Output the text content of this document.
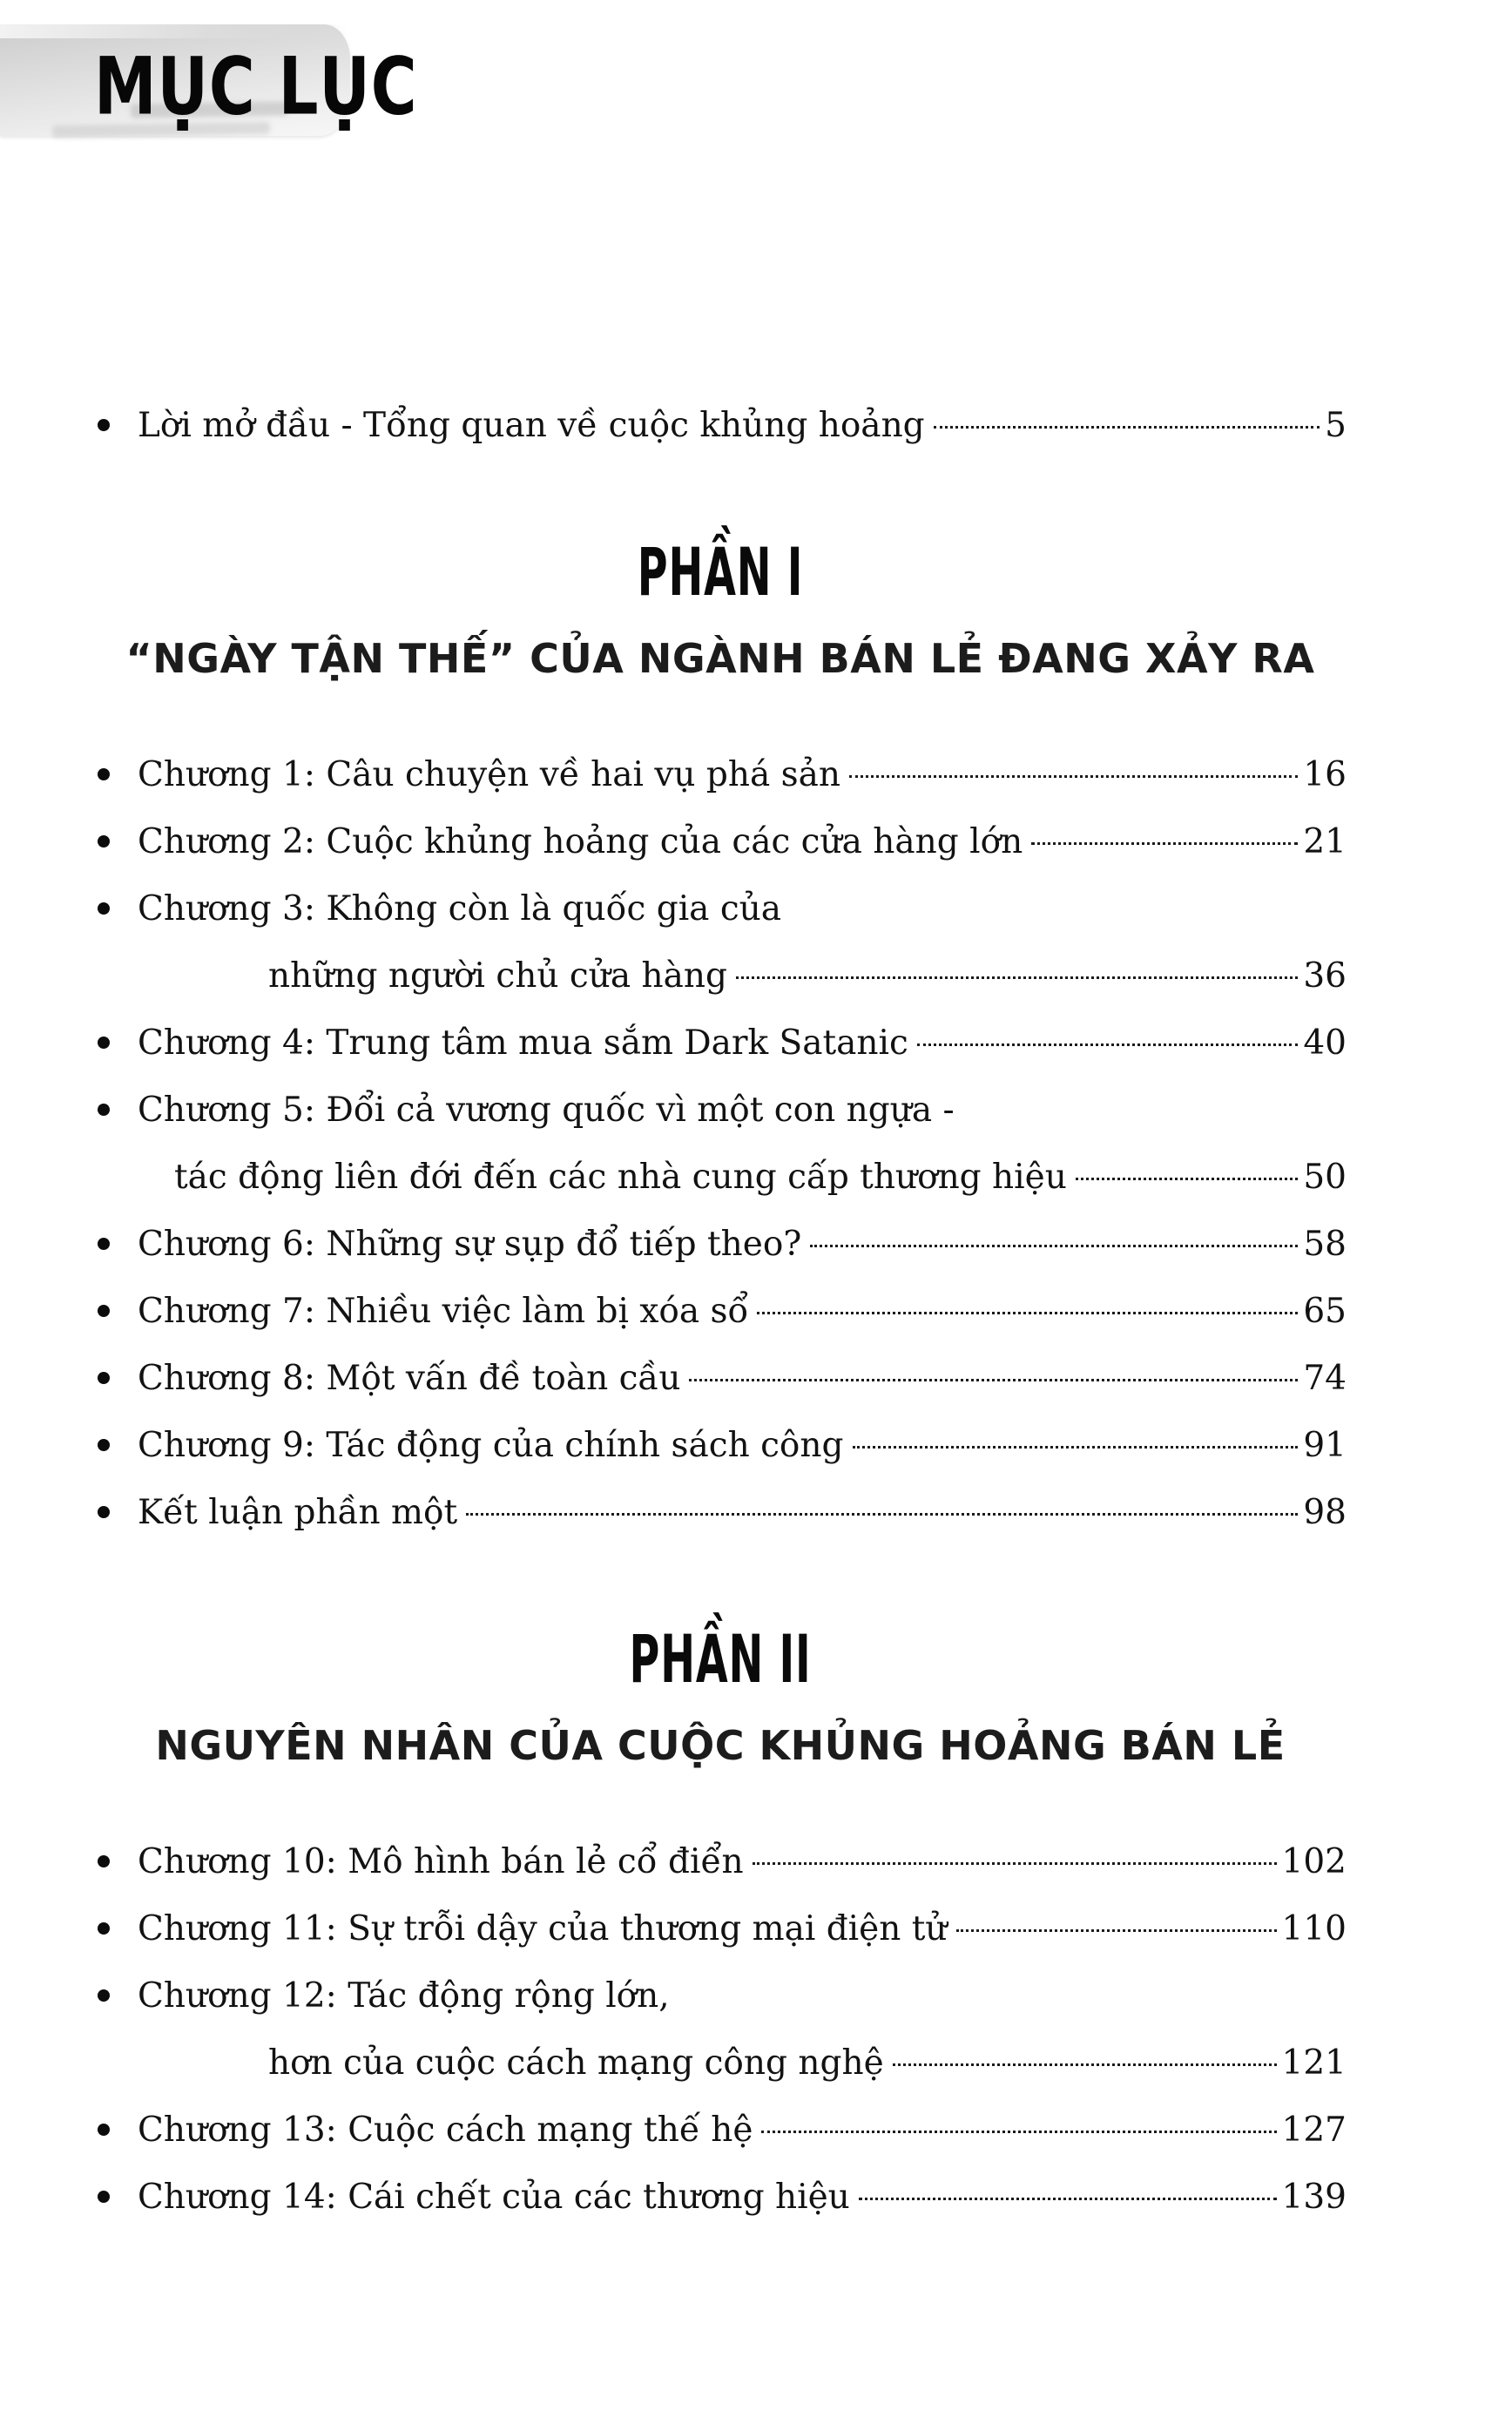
MỤC LỤC
Lời mở đầu - Tổng quan về cuộc khủng hoảng	5
PHẦN I
“NGÀY TẬN THẾ” CỦA NGÀNH BÁN LẺ ĐANG XẢY RA
Chương 1: Câu chuyện về hai vụ phá sản	16
Chương 2: Cuộc khủng hoảng của các cửa hàng lớn	21
Chương 3: Không còn là quốc gia của
những người chủ cửa hàng	36
Chương 4: Trung tâm mua sắm Dark Satanic	40
Chương 5: Đổi cả vương quốc vì một con ngựa -
tác động liên đới đến các nhà cung cấp thương hiệu	50
Chương 6: Những sự sụp đổ tiếp theo?	58
Chương 7: Nhiều việc làm bị xóa sổ	65
Chương 8: Một vấn đề toàn cầu	74
Chương 9: Tác động của chính sách công	91
Kết luận phần một	98
PHẦN II
NGUYÊN NHÂN CỦA CUỘC KHỦNG HOẢNG BÁN LẺ
Chương 10: Mô hình bán lẻ cổ điển	102
Chương 11: Sự trỗi dậy của thương mại điện tử	110
Chương 12: Tác động rộng lớn,
hơn của cuộc cách mạng công nghệ	121
Chương 13: Cuộc cách mạng thế hệ	127
Chương 14: Cái chết của các thương hiệu	139
